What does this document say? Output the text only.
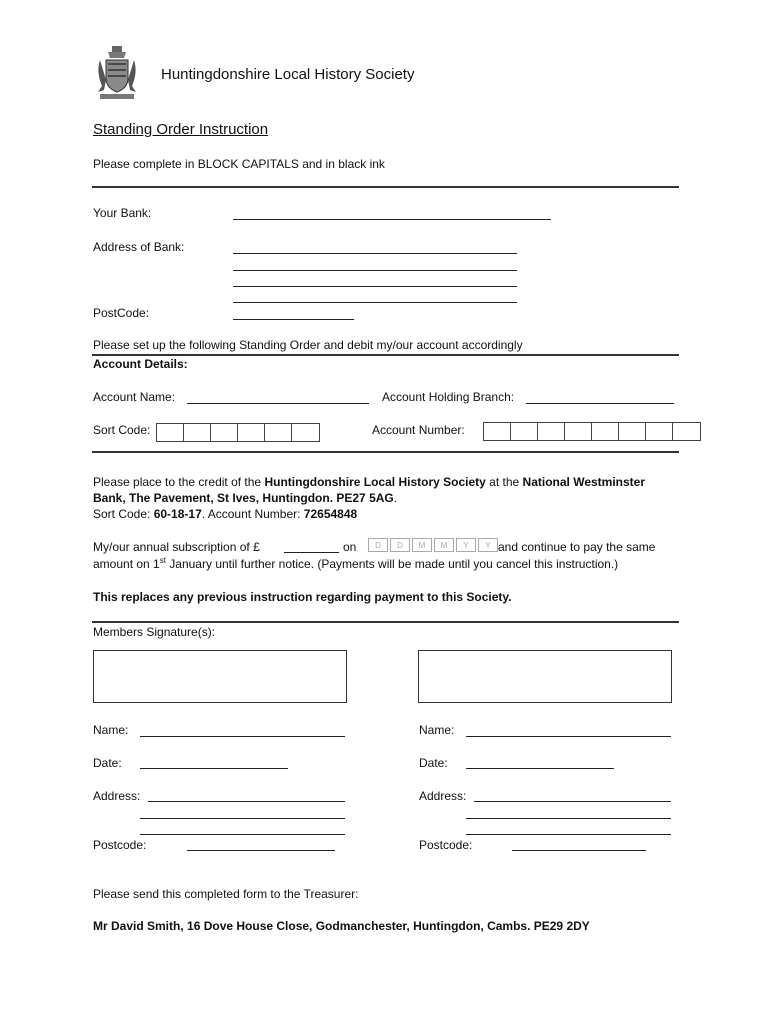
Huntingdonshire Local History Society
Standing Order Instruction
Please complete in BLOCK CAPITALS and in black ink
Your Bank:
Address of Bank:
PostCode:
Please set up the following Standing Order and debit my/our account accordingly
Account Details:
Account Name:	Account Holding Branch:
Sort Code:	Account Number:
Please place to the credit of the Huntingdonshire Local History Society at the National Westminster
Bank, The Pavement, St Ives, Huntingdon. PE27 5AG.
Sort Code: 60-18-17. Account Number: 72654848
My/our annual subscription of £	on	D	D	M	M	Y	Y and continue to pay the same
amount on 1st January until further notice. (Payments will be made until you cancel this instruction.)
This replaces any previous instruction regarding payment to this Society.
Members Signature(s):
Name:
Date:
Address:
Postcode:
Name:
Date:
Address:
Postcode:
Please send this completed form to the Treasurer:
Mr David Smith, 16 Dove House Close, Godmanchester, Huntingdon, Cambs. PE29 2DY
